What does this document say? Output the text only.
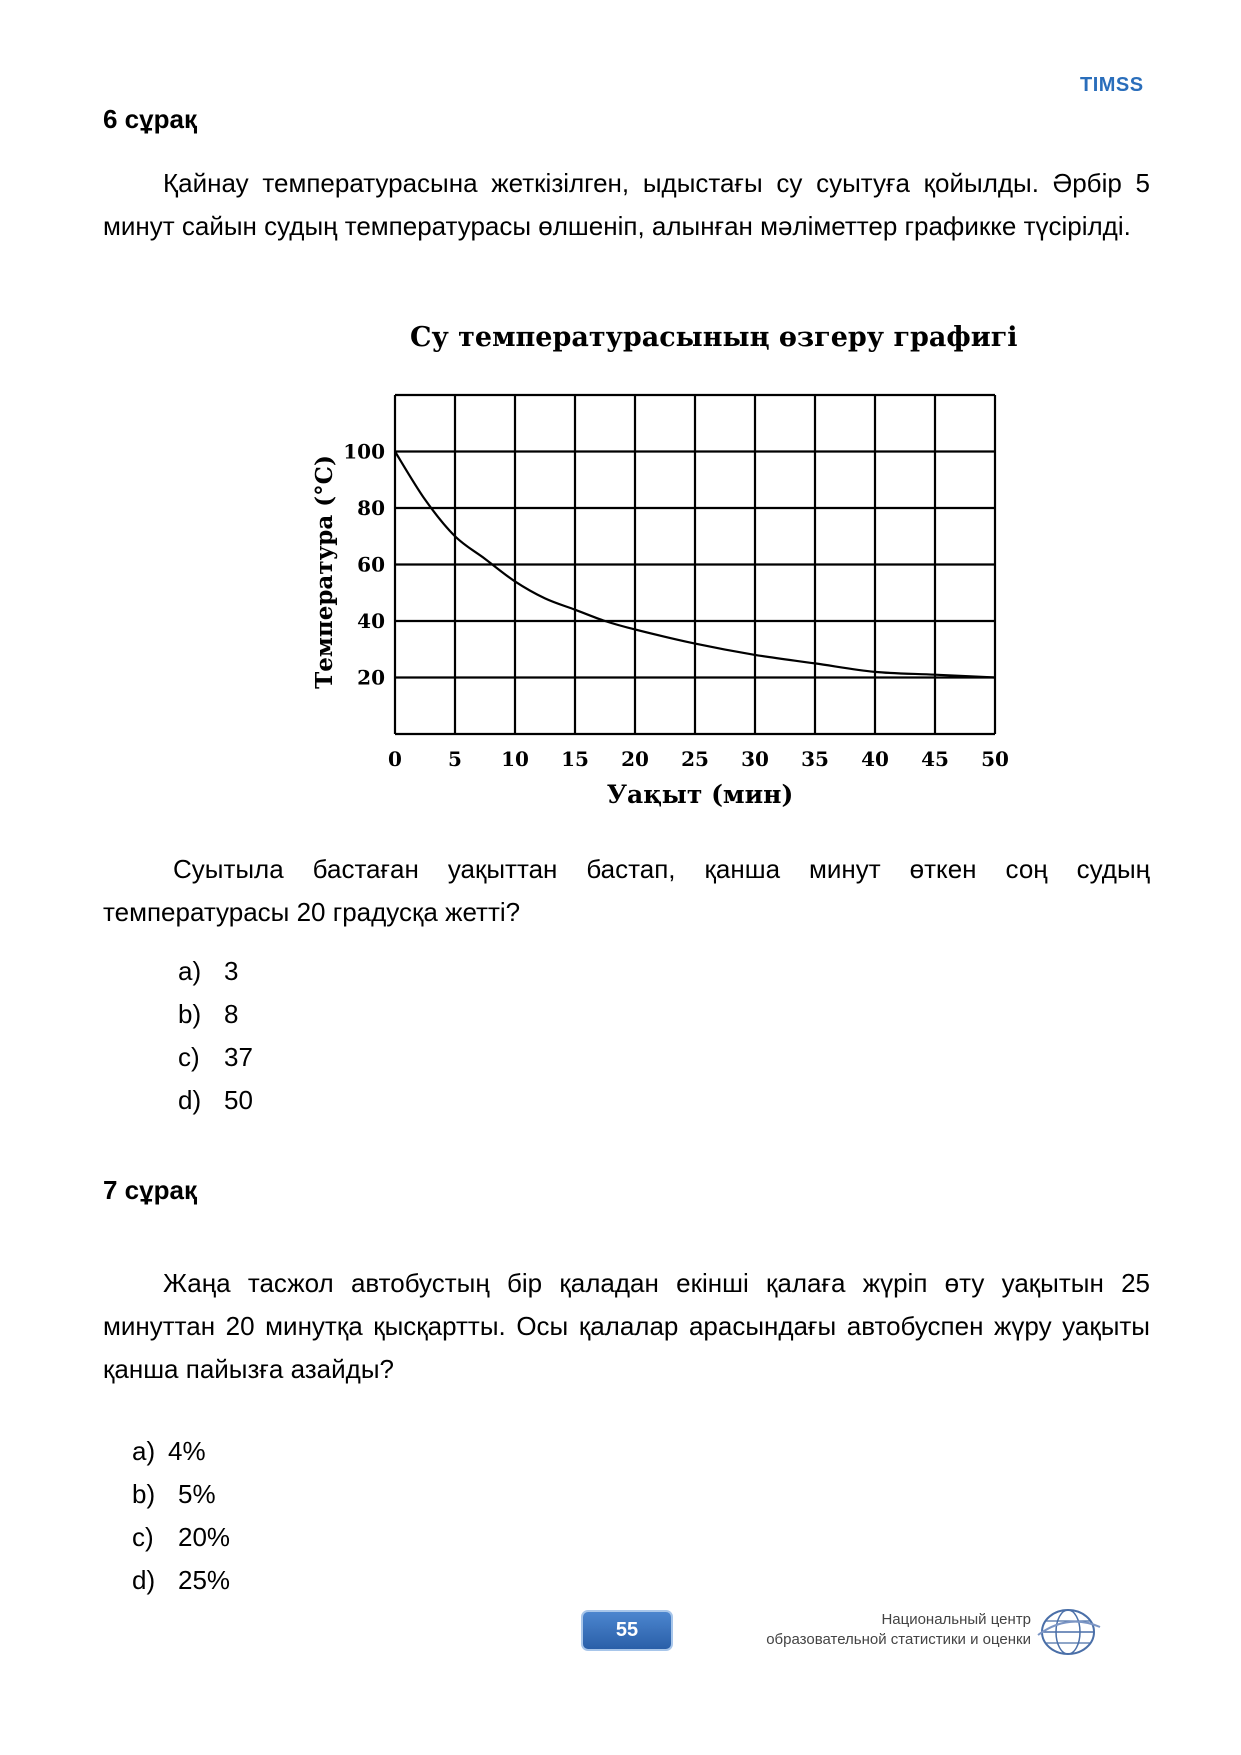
TIMSS
6 сұрақ
Қайнау температурасына жеткізілген, ыдыстағы су суытуға қойылды. Әрбір 5 минут сайын судың температурасы өлшеніп, алынған мәліметтер графикке түсірілді.
Су температурасының өзгеру графигі
20
40
60
80
100
0 5 10 15 20 25 30 35 40 45 50
Температура (°C)
Уақыт (мин)
Суытыла бастаған уақыттан бастап, қанша минут өткен соң судың температурасы 20 градусқа жетті?
a) 3
b) 8
c) 37
d) 50
7 сұрақ
Жаңа тасжол автобустың бір қаладан екінші қалаға жүріп өту уақытын 25 минуттан 20 минутқа қысқартты. Осы қалалар арасындағы автобуспен жүру уақыты қанша пайызға азайды?
a) 4%
b) 5%
c) 20%
d) 25%
55	Национальный центр
образовательной статистики и оценки
